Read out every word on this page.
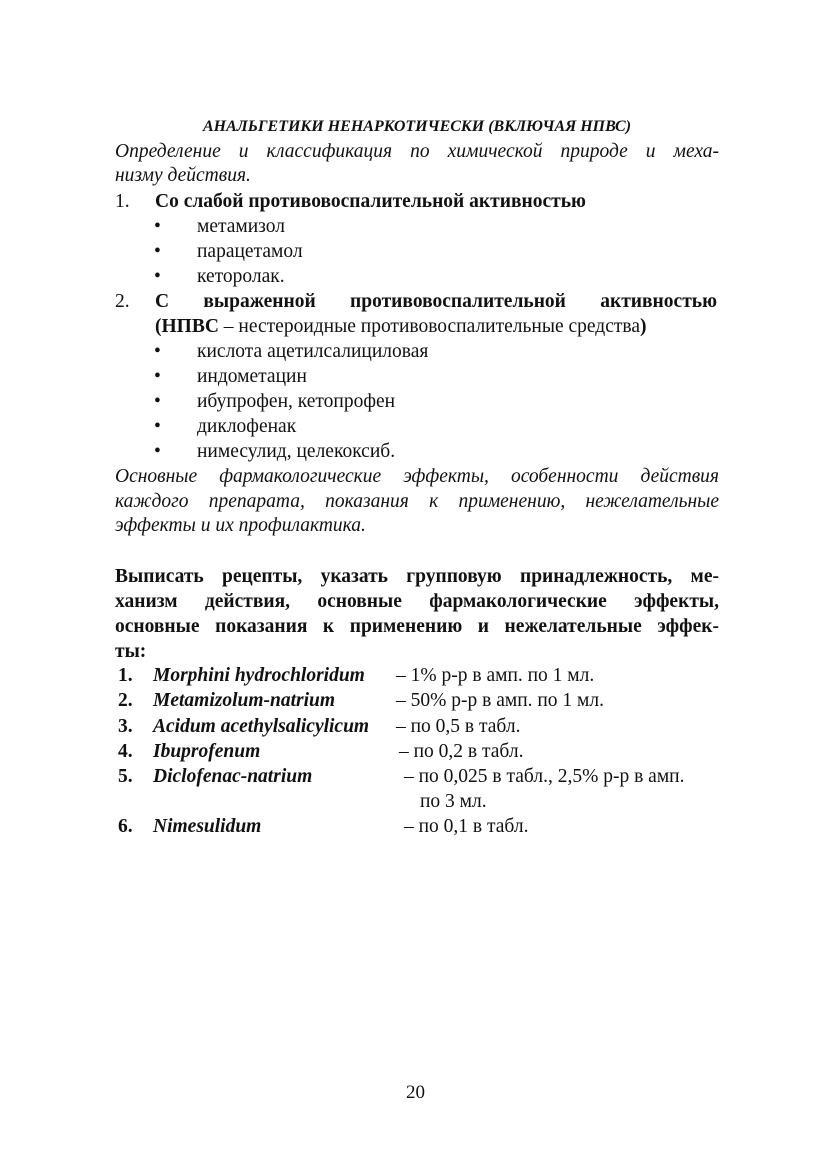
АНАЛЬГЕТИКИ НЕНАРКОТИЧЕСКИ (ВКЛЮЧАЯ НПВС)
Определение и классификация по химической природе и меха-
низму действия.
1. Со слабой противовоспалительной активностью
• метамизол
• парацетамол
• кеторолак.
2. С выраженной противовоспалительной активностью
(НПВС – нестероидные противовоспалительные средства)
• кислота ацетилсалициловая
• индометацин
• ибупрофен, кетопрофен
• диклофенак
• нимесулид, целекоксиб.
Основные фармакологические эффекты, особенности действия
каждого препарата, показания к применению, нежелательные
эффекты и их профилактика.
Выписать рецепты, указать групповую принадлежность, ме-
ханизм действия, основные фармакологические эффекты,
основные показания к применению и нежелательные эффек-
ты:
1. Morphini hydrochloridum – 1% р-р в амп. по 1 мл.
2. Metamizolum-natrium	– 50% р-р в амп. по 1 мл.
3. Acidum acethylsalicylicum – по 0,5 в табл.
4. Ibuprofenum	– по 0,2 в табл.
5. Diclofenac-natrium	– по 0,025 в табл., 2,5% р-р в амп.
по 3 мл.
6. Nimesulidum	– по 0,1 в табл.
20
